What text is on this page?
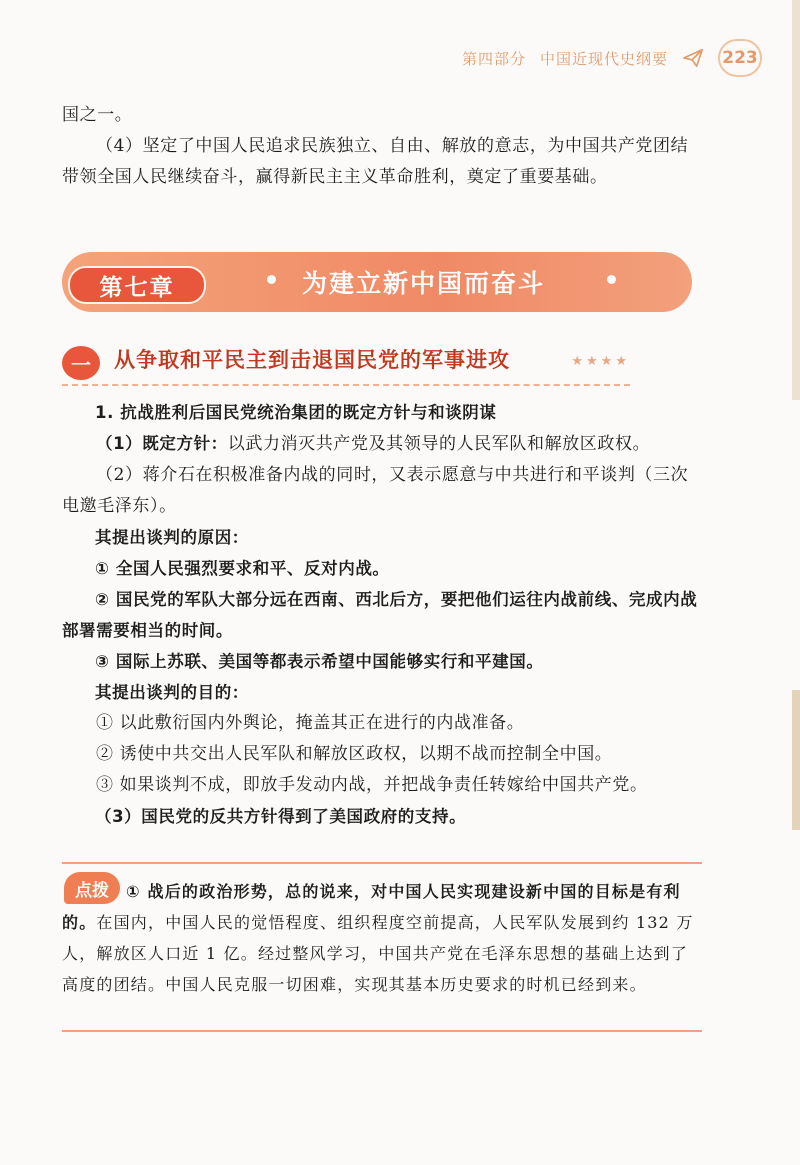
第四部分 中国近现代史纲要	223
国之一。
（4）坚定了中国人民追求民族独立、自由、解放的意志，为中国共产党团结带领全国人民继续奋斗，赢得新民主主义革命胜利，奠定了重要基础。
第七章	为建立新中国而奋斗
一	从争取和平民主到击退国民党的军事进攻	★★★★
1. 抗战胜利后国民党统治集团的既定方针与和谈阴谋
（1）既定方针：以武力消灭共产党及其领导的人民军队和解放区政权。
（2）蒋介石在积极准备内战的同时，又表示愿意与中共进行和平谈判（三次电邀毛泽东）。
其提出谈判的原因：
① 全国人民强烈要求和平、反对内战。
② 国民党的军队大部分远在西南、西北后方，要把他们运往内战前线、完成内战部署需要相当的时间。
③ 国际上苏联、美国等都表示希望中国能够实行和平建国。
其提出谈判的目的：
① 以此敷衍国内外舆论，掩盖其正在进行的内战准备。
② 诱使中共交出人民军队和解放区政权，以期不战而控制全中国。
③ 如果谈判不成，即放手发动内战，并把战争责任转嫁给中国共产党。
（3）国民党的反共方针得到了美国政府的支持。
点拨	① 战后的政治形势，总的说来，对中国人民实现建设新中国的目标是有利的。在国内，中国人民的觉悟程度、组织程度空前提高，人民军队发展到约 132 万人，解放区人口近 1 亿。经过整风学习，中国共产党在毛泽东思想的基础上达到了高度的团结。中国人民克服一切困难，实现其基本历史要求的时机已经到来。
